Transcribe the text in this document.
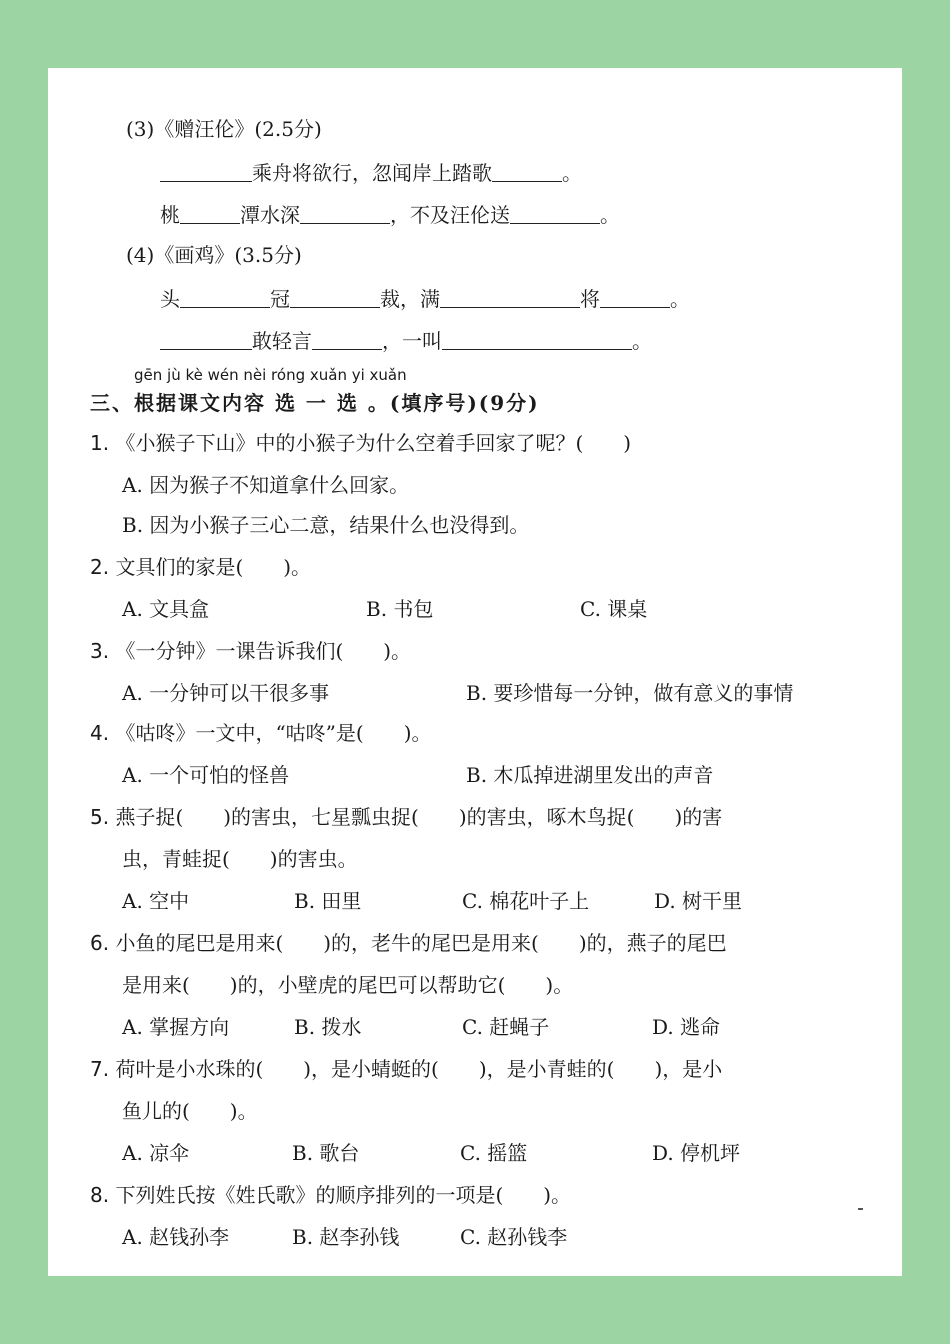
(3)《赠汪伦》(2.5分)
乘舟将欲行，忽闻岸上踏歌	。
桃	潭水深	，不及汪伦送	。
(4)《画鸡》(3.5分)
头	冠	裁，满	将	。
敢轻言	，一叫	。
gēn jù kè wén nèi róng xuǎn yi xuǎn
三、根据课文内容 选 一 选 。(填序号)(9分)
1. 《小猴子下山》中的小猴子为什么空着手回家了呢？(　　)
A. 因为猴子不知道拿什么回家。
B. 因为小猴子三心二意，结果什么也没得到。
2. 文具们的家是(　　)。
A. 文具盒	B. 书包	C. 课桌
3. 《一分钟》一课告诉我们(　　)。
A. 一分钟可以干很多事	B. 要珍惜每一分钟，做有意义的事情
4. 《咕咚》一文中，“咕咚”是(　　)。
A. 一个可怕的怪兽	B. 木瓜掉进湖里发出的声音
5. 燕子捉(　　)的害虫，七星瓢虫捉(　　)的害虫，啄木鸟捉(　　)的害
虫，青蛙捉(　　)的害虫。
A. 空中	B. 田里	C. 棉花叶子上	D. 树干里
6. 小鱼的尾巴是用来(　　)的，老牛的尾巴是用来(　　)的，燕子的尾巴
是用来(　　)的，小壁虎的尾巴可以帮助它(　　)。
A. 掌握方向	B. 拨水	C. 赶蝇子	D. 逃命
7. 荷叶是小水珠的(　　)，是小蜻蜓的(　　)，是小青蛙的(　　)，是小
鱼儿的(　　)。
A. 凉伞	B. 歌台	C. 摇篮	D. 停机坪
8. 下列姓氏按《姓氏歌》的顺序排列的一项是(　　)。
A. 赵钱孙李	B. 赵李孙钱	C. 赵孙钱李
